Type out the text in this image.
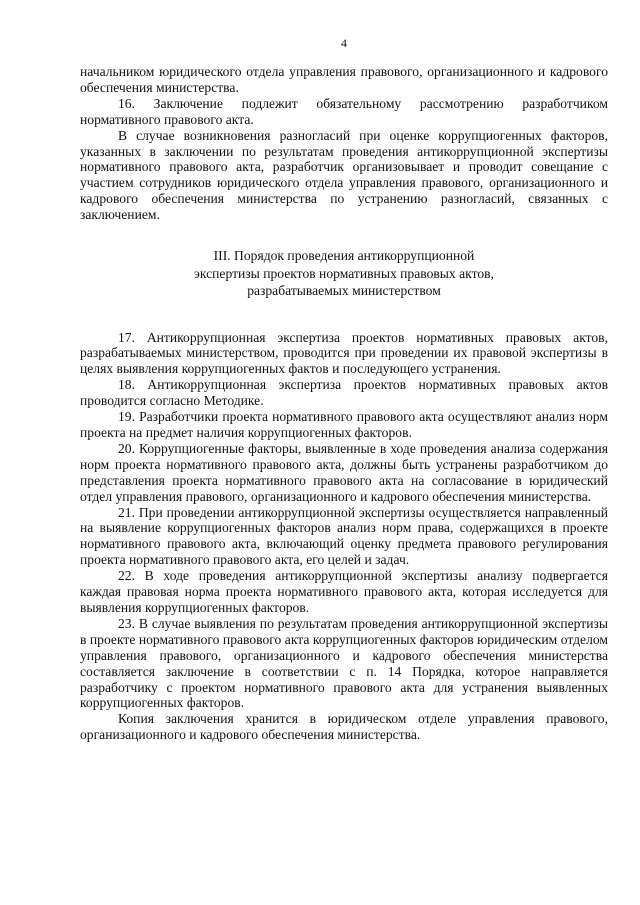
4

начальником юридического отдела управления правового, организационного и кадрового обеспечения министерства.

16. Заключение подлежит обязательному рассмотрению разработчиком нормативного правового акта.

В случае возникновения разногласий при оценке коррупциогенных факторов, указанных в заключении по результатам проведения антикоррупционной экспертизы нормативного правового акта, разработчик организовывает и проводит совещание с участием сотрудников юридического отдела управления правового, организационного и кадрового обеспечения министерства по устранению разногласий, связанных с заключением.

III. Порядок проведения антикоррупционной
экспертизы проектов нормативных правовых актов,
разрабатываемых министерством

17. Антикоррупционная экспертиза проектов нормативных правовых актов, разрабатываемых министерством, проводится при проведении их правовой экспертизы в целях выявления коррупциогенных фактов и последующего устранения.

18. Антикоррупционная экспертиза проектов нормативных правовых актов проводится согласно Методике.

19. Разработчики проекта нормативного правового акта осуществляют анализ норм проекта на предмет наличия коррупциогенных факторов.

20. Коррупциогенные факторы, выявленные в ходе проведения анализа содержания норм проекта нормативного правового акта, должны быть устранены разработчиком до представления проекта нормативного правового акта на согласование в юридический отдел управления правового, организационного и кадрового обеспечения министерства.

21. При проведении антикоррупционной экспертизы осуществляется направленный на выявление коррупциогенных факторов анализ норм права, содержащихся в проекте нормативного правового акта, включающий оценку предмета правового регулирования проекта нормативного правового акта, его целей и задач.

22. В ходе проведения антикоррупционной экспертизы анализу подвергается каждая правовая норма проекта нормативного правового акта, которая исследуется для выявления коррупциогенных факторов.

23. В случае выявления по результатам проведения антикоррупционной экспертизы в проекте нормативного правового акта коррупциогенных факторов юридическим отделом управления правового, организационного и кадрового обеспечения министерства составляется заключение в соответствии с п. 14 Порядка, которое направляется разработчику с проектом нормативного правового акта для устранения выявленных коррупциогенных факторов.

Копия заключения хранится в юридическом отделе управления правового, организационного и кадрового обеспечения министерства.
